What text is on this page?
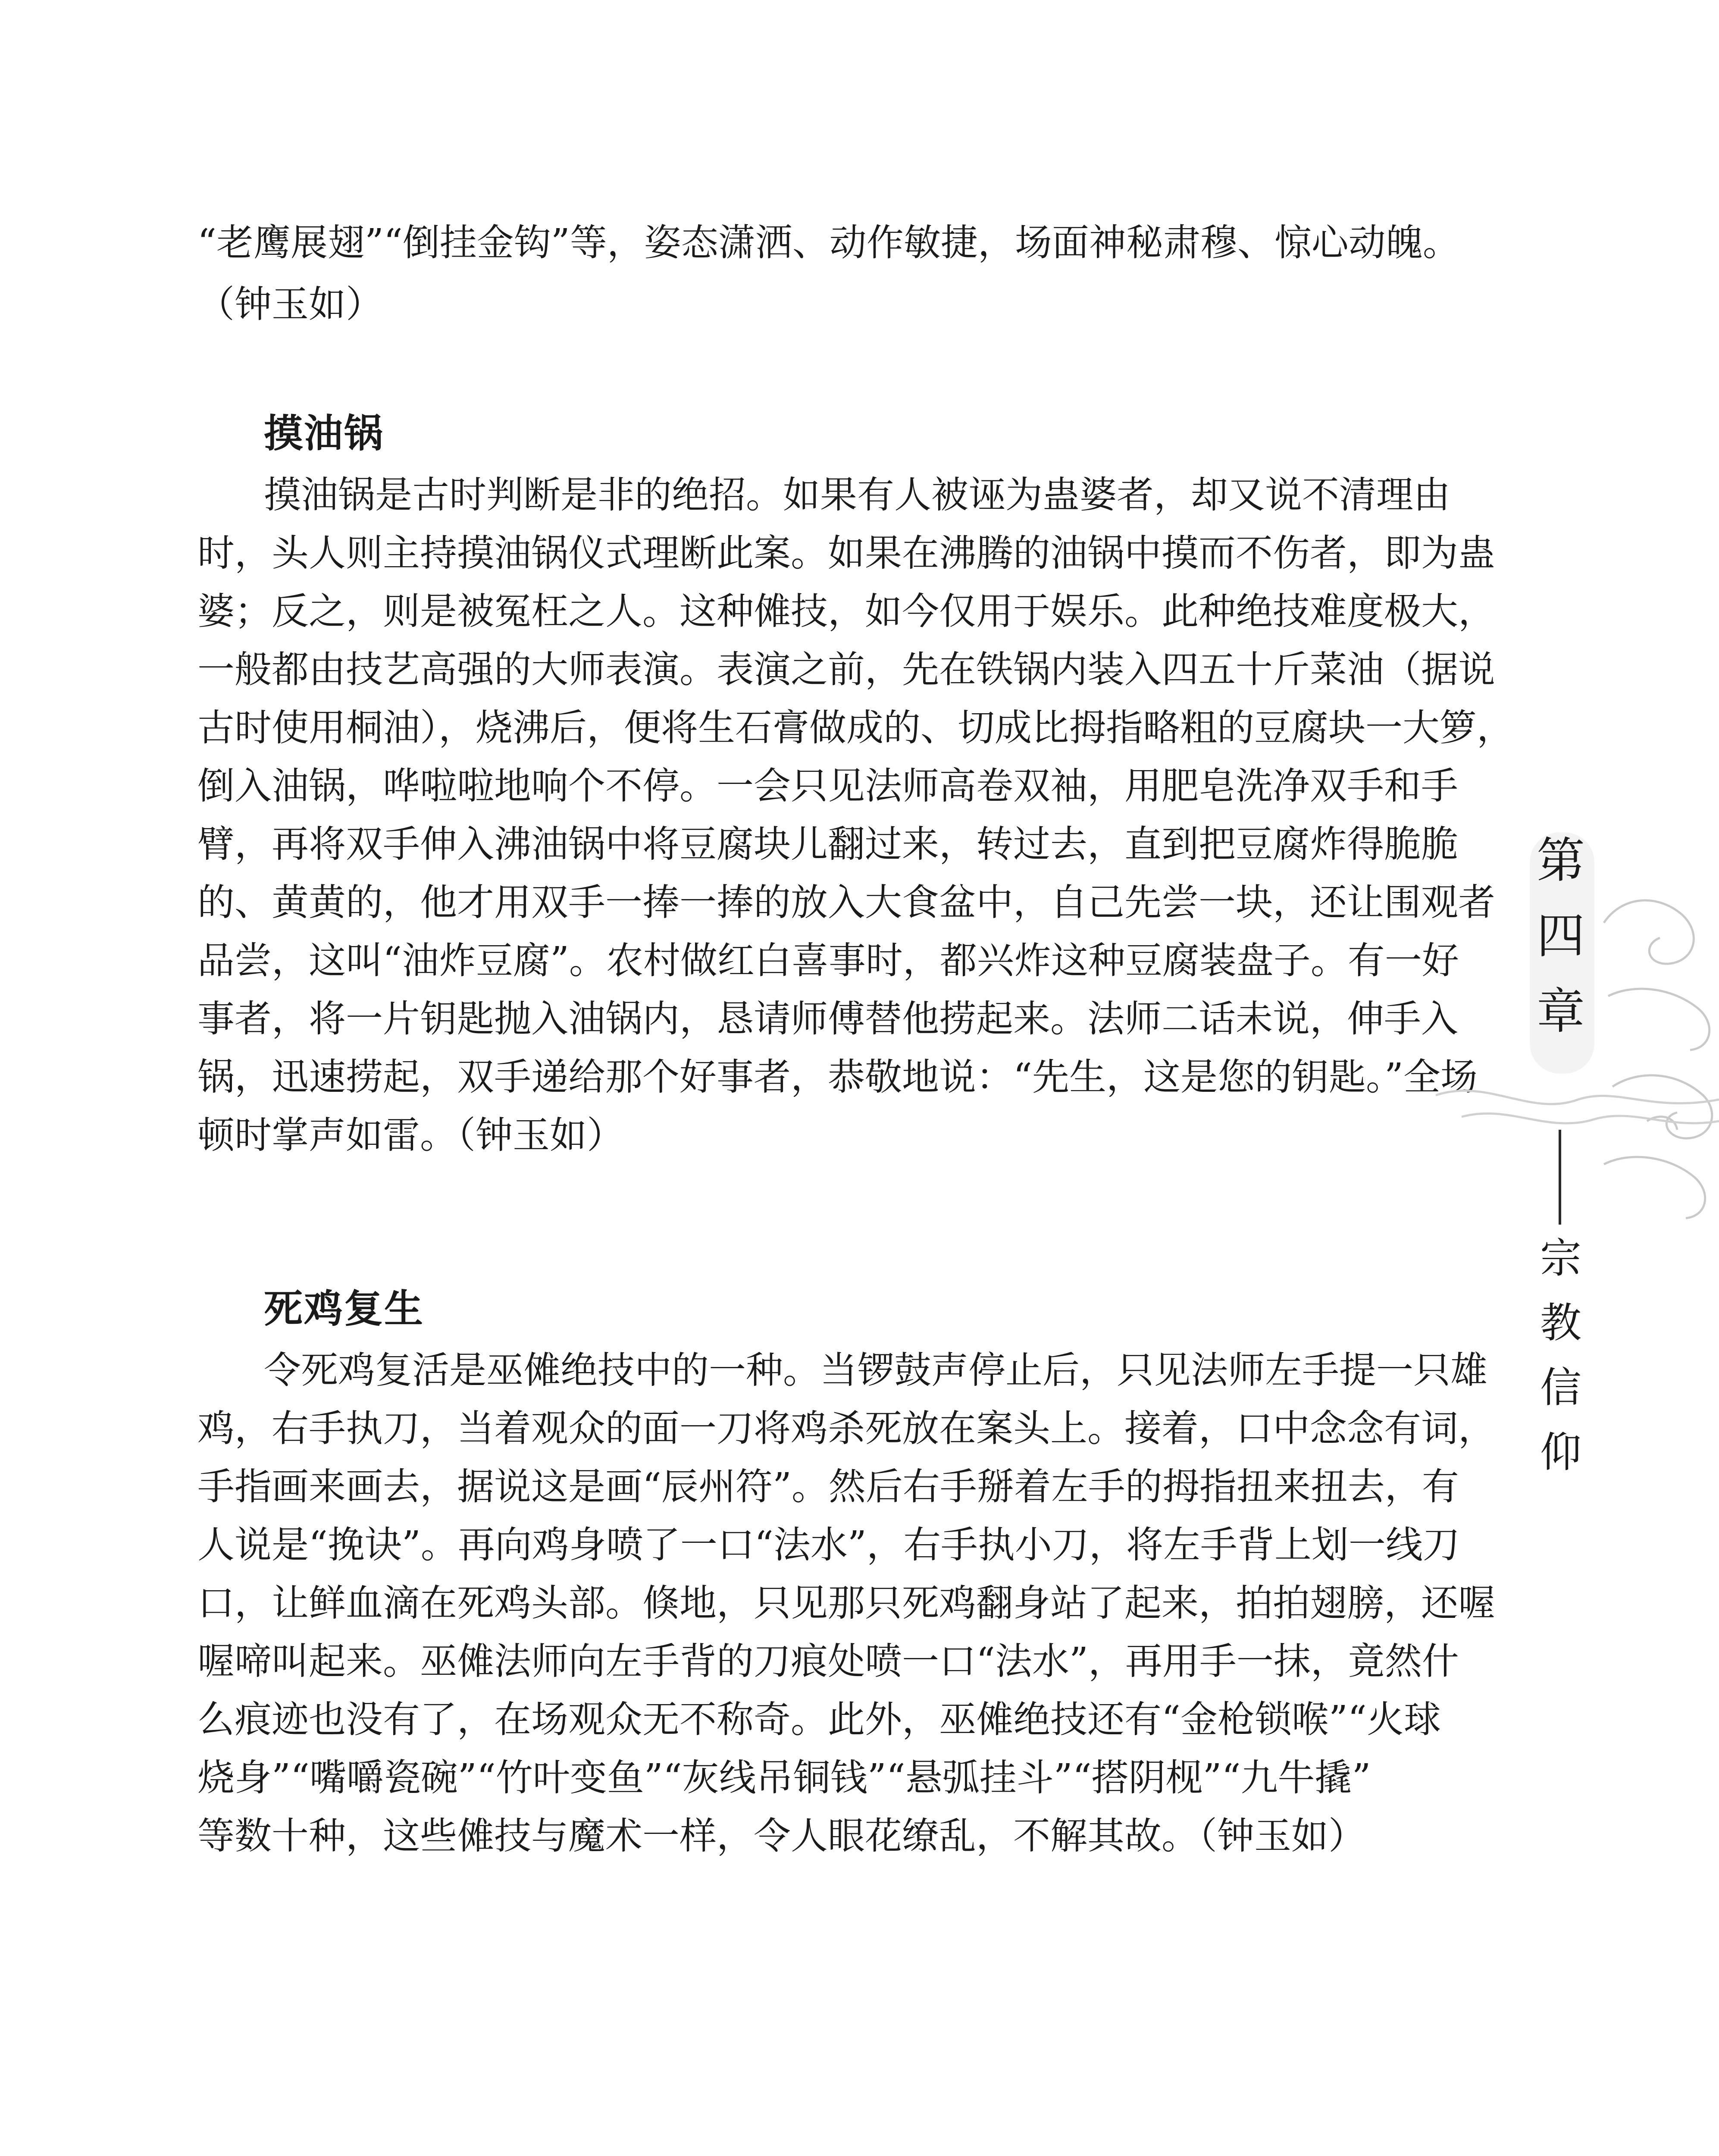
“老鹰展翅”“倒挂金钩”等，姿态潇洒、动作敏捷，场面神秘肃穆、惊心动魄。
（钟玉如）
摸油锅
摸油锅是古时判断是非的绝招。如果有人被诬为蛊婆者，却又说不清理由
时，头人则主持摸油锅仪式理断此案。如果在沸腾的油锅中摸而不伤者，即为蛊
婆；反之，则是被冤枉之人。这种傩技，如今仅用于娱乐。此种绝技难度极大，
一般都由技艺高强的大师表演。表演之前，先在铁锅内装入四五十斤菜油（据说
古时使用桐油），烧沸后，便将生石膏做成的、切成比拇指略粗的豆腐块一大箩，
倒入油锅，哗啦啦地响个不停。一会只见法师高卷双袖，用肥皂洗净双手和手
臂，再将双手伸入沸油锅中将豆腐块儿翻过来，转过去，直到把豆腐炸得脆脆
的、黄黄的，他才用双手一捧一捧的放入大食盆中，自己先尝一块，还让围观者
品尝，这叫“油炸豆腐”。农村做红白喜事时，都兴炸这种豆腐装盘子。有一好
事者，将一片钥匙抛入油锅内，恳请师傅替他捞起来。法师二话未说，伸手入
锅，迅速捞起，双手递给那个好事者，恭敬地说：“先生，这是您的钥匙。”全场
顿时掌声如雷。（钟玉如）
死鸡复生
令死鸡复活是巫傩绝技中的一种。当锣鼓声停止后，只见法师左手提一只雄
鸡，右手执刀，当着观众的面一刀将鸡杀死放在案头上。接着，口中念念有词，
手指画来画去，据说这是画“辰州符”。然后右手掰着左手的拇指扭来扭去，有
人说是“挽诀”。再向鸡身喷了一口“法水”，右手执小刀，将左手背上划一线刀
口，让鲜血滴在死鸡头部。倏地，只见那只死鸡翻身站了起来，拍拍翅膀，还喔
喔啼叫起来。巫傩法师向左手背的刀痕处喷一口“法水”，再用手一抹，竟然什
么痕迹也没有了，在场观众无不称奇。此外，巫傩绝技还有“金枪锁喉”“火球
烧身”“嘴嚼瓷碗”“竹叶变鱼”“灰线吊铜钱”“悬弧挂斗”“搭阴枧”“九牛撬”
等数十种，这些傩技与魔术一样，令人眼花缭乱，不解其故。（钟玉如）
第
四
章
宗
教
信
仰
